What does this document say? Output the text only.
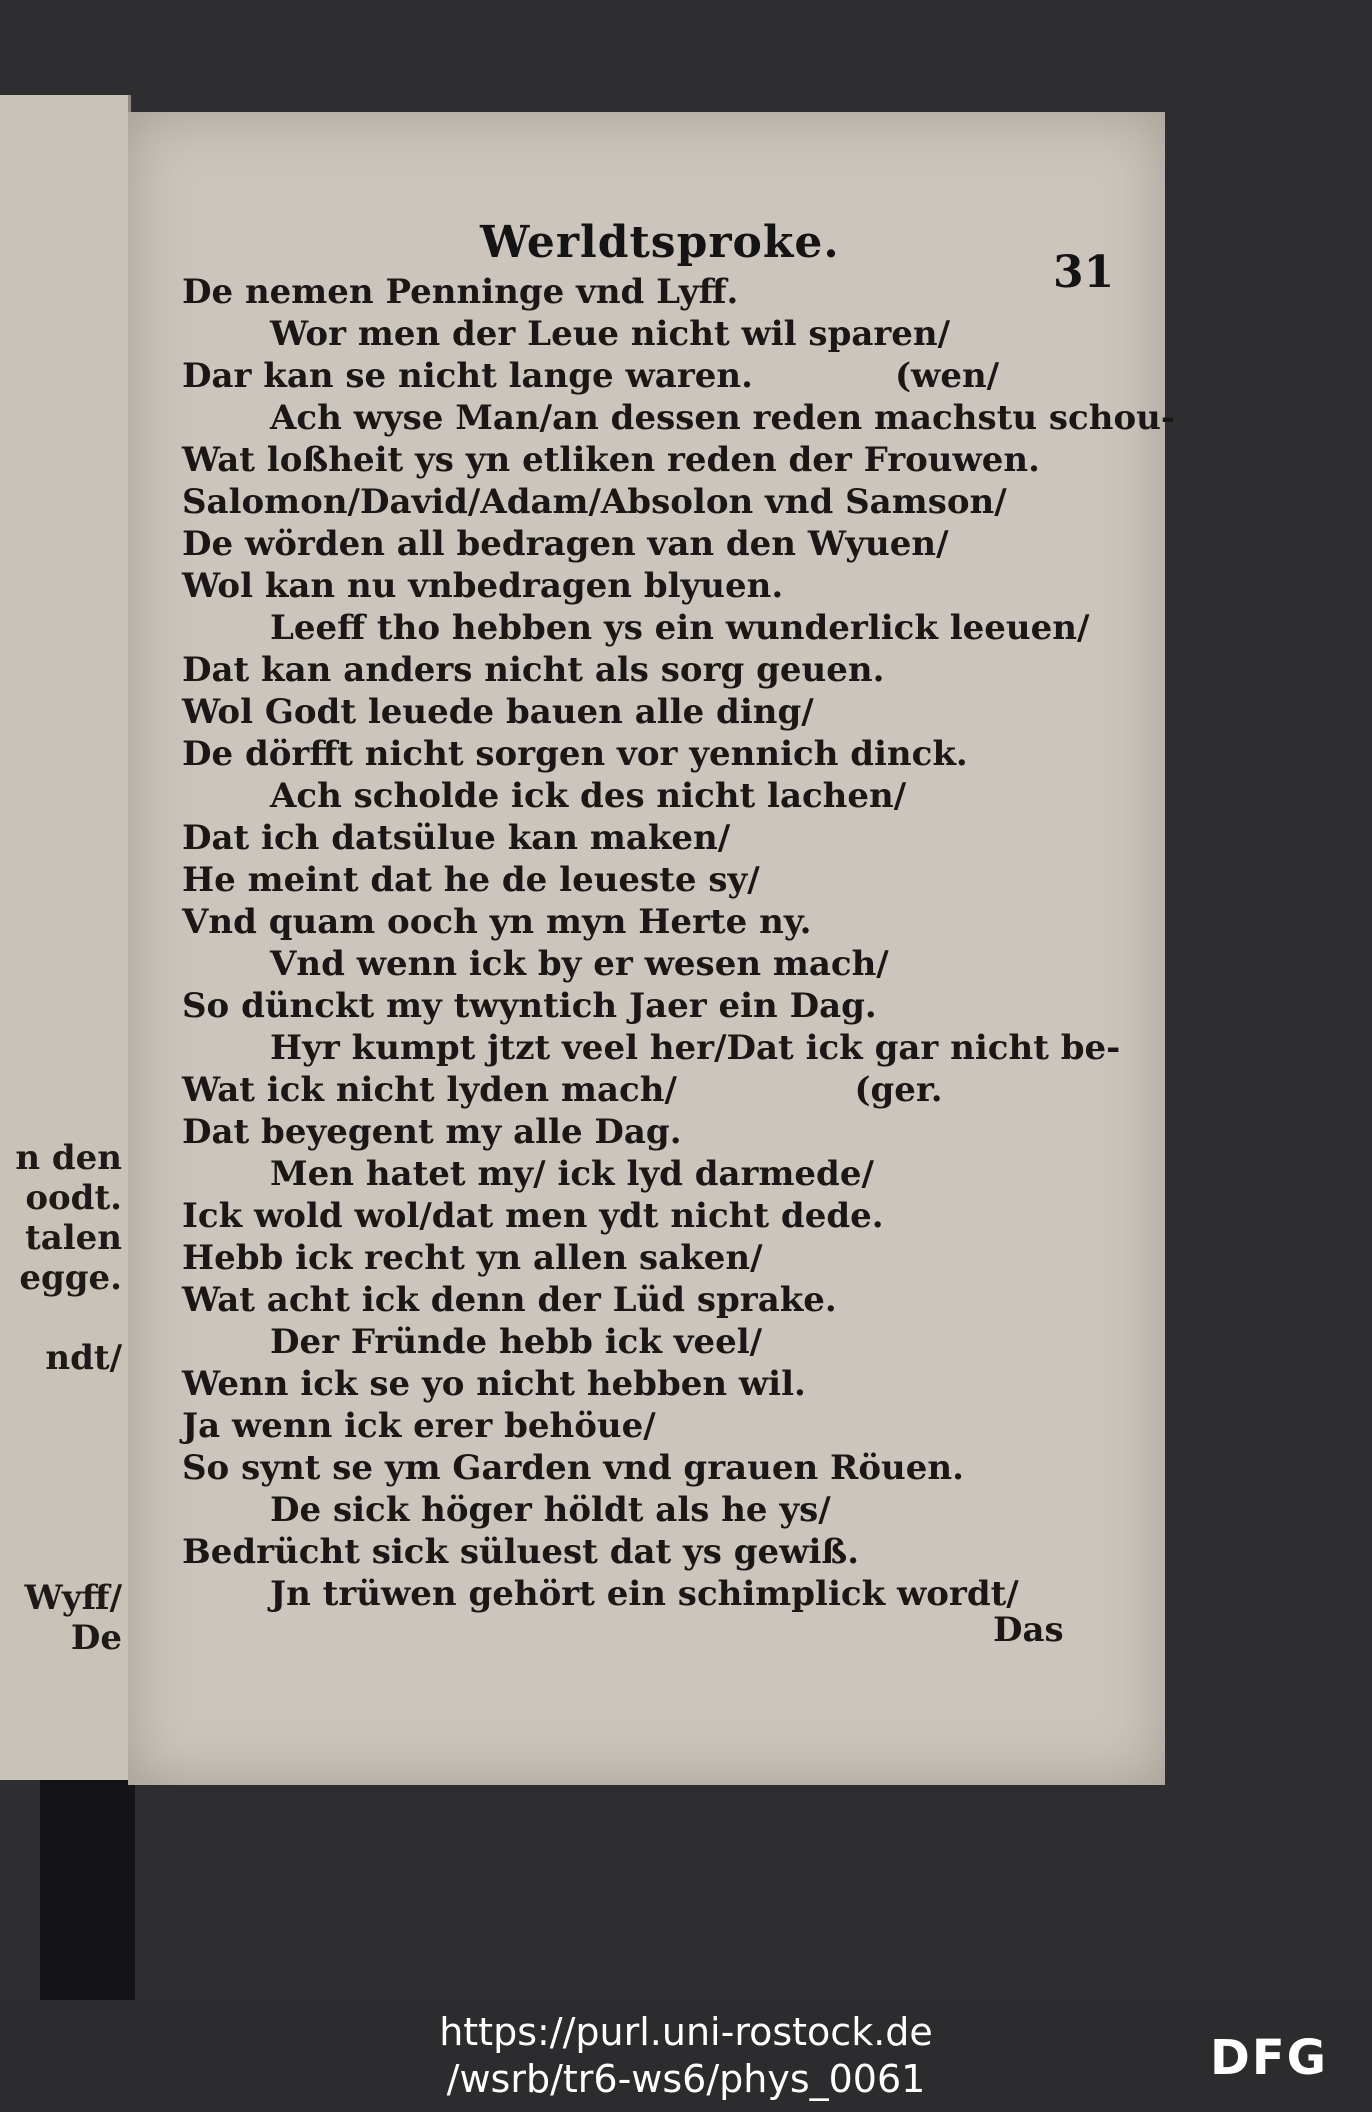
n den
oodt.
talen
egge.
ndt/
Wyff/
De
Werldtsproke.
31
De nemen Penninge vnd Lyff.
Wor men der Leue nicht wil sparen/
Dar kan se nicht lange waren.            (wen/
Ach wyse Man/an dessen reden machstu schou-
Wat loßheit ys yn etliken reden der Frouwen.
Salomon/David/Adam/Absolon vnd Samson/
De wörden all bedragen van den Wyuen/
Wol kan nu vnbedragen blyuen.
Leeff tho hebben ys ein wunderlick leeuen/
Dat kan anders nicht als sorg geuen.
Wol Godt leuede bauen alle ding/
De dörfft nicht sorgen vor yennich dinck.
Ach scholde ick des nicht lachen/
Dat ich datsülue kan maken/
He meint dat he de leueste sy/
Vnd quam ooch yn myn Herte ny.
Vnd wenn ick by er wesen mach/
So dünckt my twyntich Jaer ein Dag.
Hyr kumpt jtzt veel her/Dat ick gar nicht be-
Wat ick nicht lyden mach/               (ger.
Dat beyegent my alle Dag.
Men hatet my/ ick lyd darmede/
Ick wold wol/dat men ydt nicht dede.
Hebb ick recht yn allen saken/
Wat acht ick denn der Lüd sprake.
Der Fründe hebb ick veel/
Wenn ick se yo nicht hebben wil.
Ja wenn ick erer behöue/
So synt se ym Garden vnd grauen Röuen.
De sick höger höldt als he ys/
Bedrücht sick süluest dat ys gewiß.
Jn trüwen gehört ein schimplick wordt/
Das
https://purl.uni-rostock.de
/wsrb/tr6-ws6/phys_0061	DFG
